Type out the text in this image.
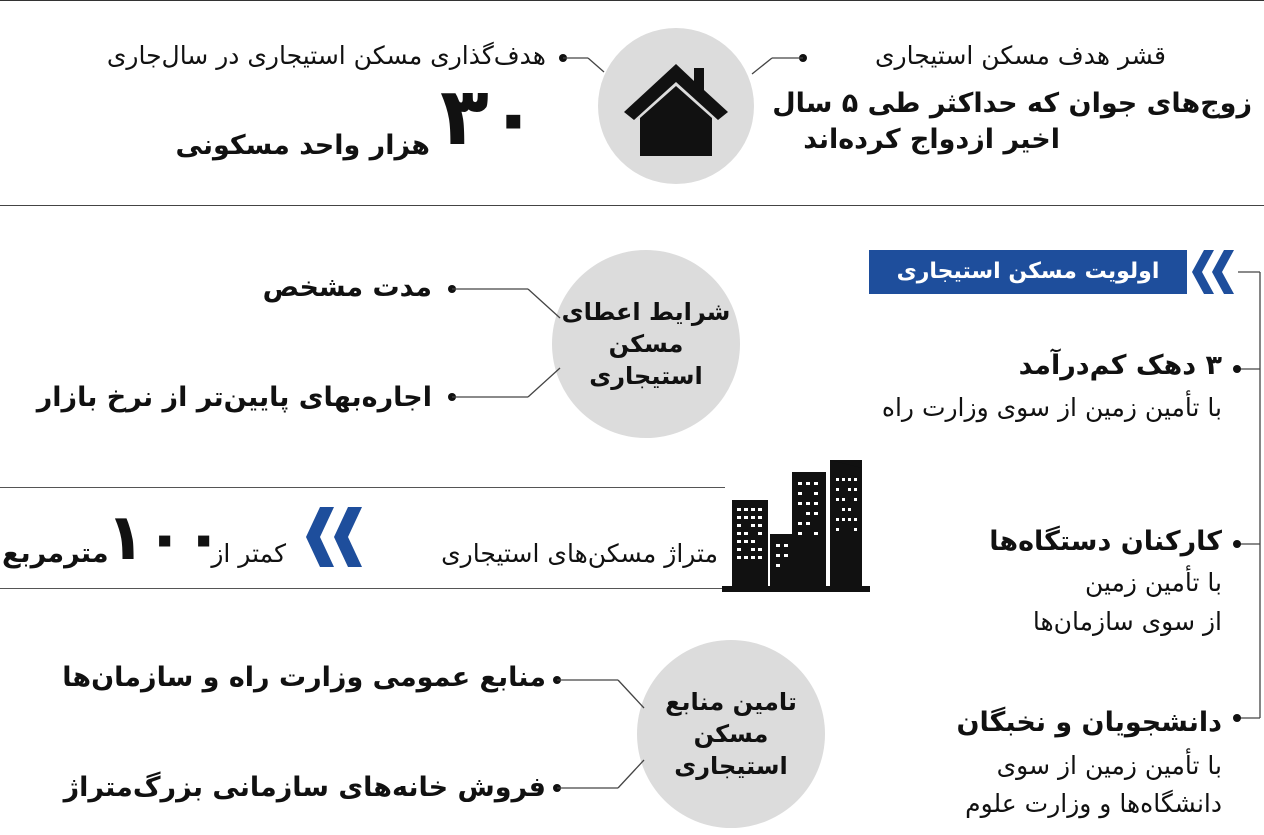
هدف‌گذاری مسکن استیجاری در سال‌جاری
۳۰
هزار واحد مسکونی
قشر هدف مسکن استیجاری
زوج‌های جوان که حداکثر طی ۵ سال
اخیر ازدواج کرده‌اند
شرایط اعطای
مسکن
استیجاری
مدت مشخص
اجاره‌بهای پایین‌تر از نرخ بازار
متراژ مسکن‌های استیجاری
کمتر از
۱۰۰
مترمربع
تامین منابع
مسکن
استیجاری
منابع عمومی وزارت راه و سازمان‌ها
فروش خانه‌های سازمانی بزرگ‌متراژ
اولویت مسکن استیجاری
۳ دهک کم‌درآمد
با تأمین زمین از سوی وزارت راه
کارکنان دستگاه‌ها
با تأمین زمین
از سوی سازمان‌ها
دانشجویان و نخبگان
با تأمین زمین از سوی
دانشگاه‌ها و وزارت علوم
